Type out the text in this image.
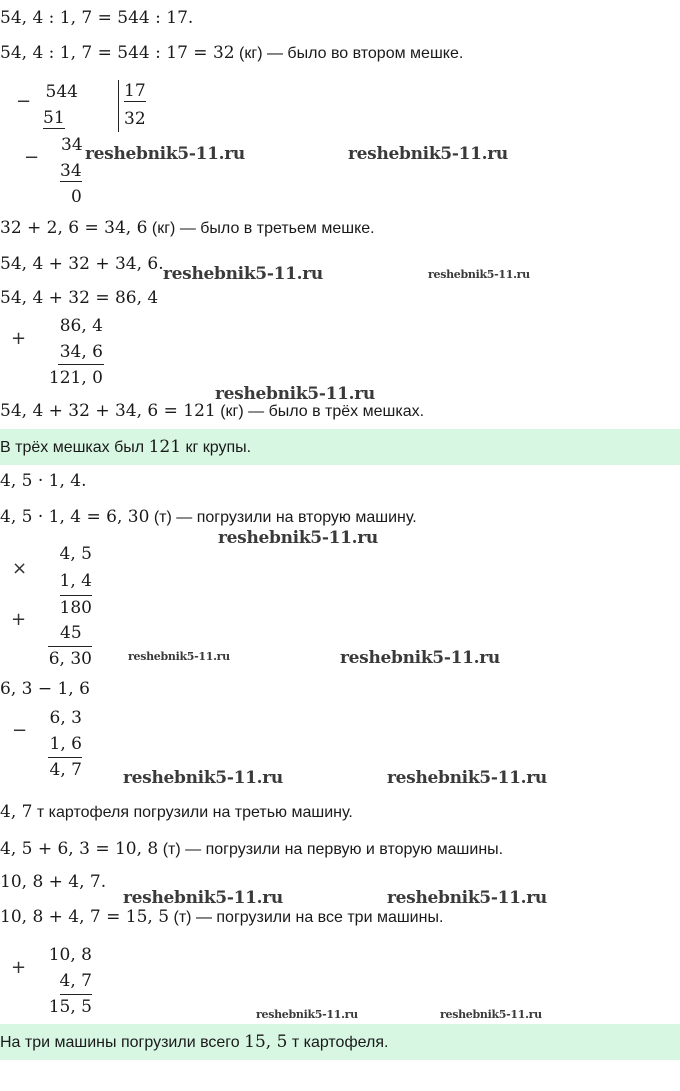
54, 4 : 1, 7 = 544 : 17.
54, 4 : 1, 7 = 544 : 17 = 32 (кг) — было во втором мешке.
− 544
51
17
32
−
34
34
0
32 + 2, 6 = 34, 6 (кг) — было в третьем мешке.
54, 4 + 32 + 34, 6.
54, 4 + 32 = 86, 4
+
86, 4
34, 6
121, 0
54, 4 + 32 + 34, 6 = 121 (кг) — было в трёх мешках.
В трёх мешках был 121 кг крупы.
4, 5 · 1, 4.
4, 5 · 1, 4 = 6, 30 (т) — погрузили на вторую машину.
×
4, 5
1, 4
180
+
45
6, 30
6, 3 − 1, 6
−
6, 3
1, 6
4, 7
4, 7 т картофеля погрузили на третью машину.
4, 5 + 6, 3 = 10, 8 (т) — погрузили на первую и вторую машины.
10, 8 + 4, 7.
10, 8 + 4, 7 = 15, 5 (т) — погрузили на все три машины.
+
10, 8
4, 7
15, 5
На три машины погрузили всего 15, 5 т картофеля.
reshebnik5-11.ru	reshebnik5-11.ru
reshebnik5-11.ru	reshebnik5-11.ru
reshebnik5-11.ru
reshebnik5-11.ru
reshebnik5-11.ru	reshebnik5-11.ru
reshebnik5-11.ru	reshebnik5-11.ru
reshebnik5-11.ru	reshebnik5-11.ru
reshebnik5-11.ru	reshebnik5-11.ru
